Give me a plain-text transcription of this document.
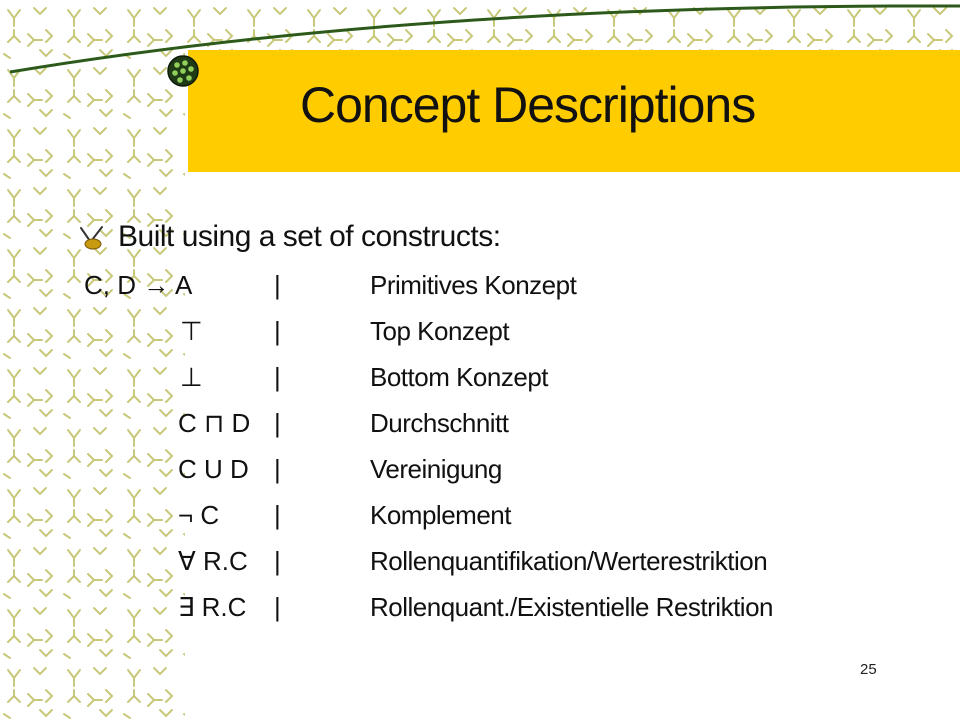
Concept Descriptions
Built using a set of constructs:
C, D → A	|	Primitives Konzept
⊤	|	Top Konzept
⊥	|	Bottom Konzept
C ⊓ D |	Durchschnitt
C U D |	Vereinigung
¬ C |	Komplement
∀ R.C |	Rollenquantifikation/Werterestriktion
∃ R.C |	Rollenquant./Existentielle Restriktion
25
